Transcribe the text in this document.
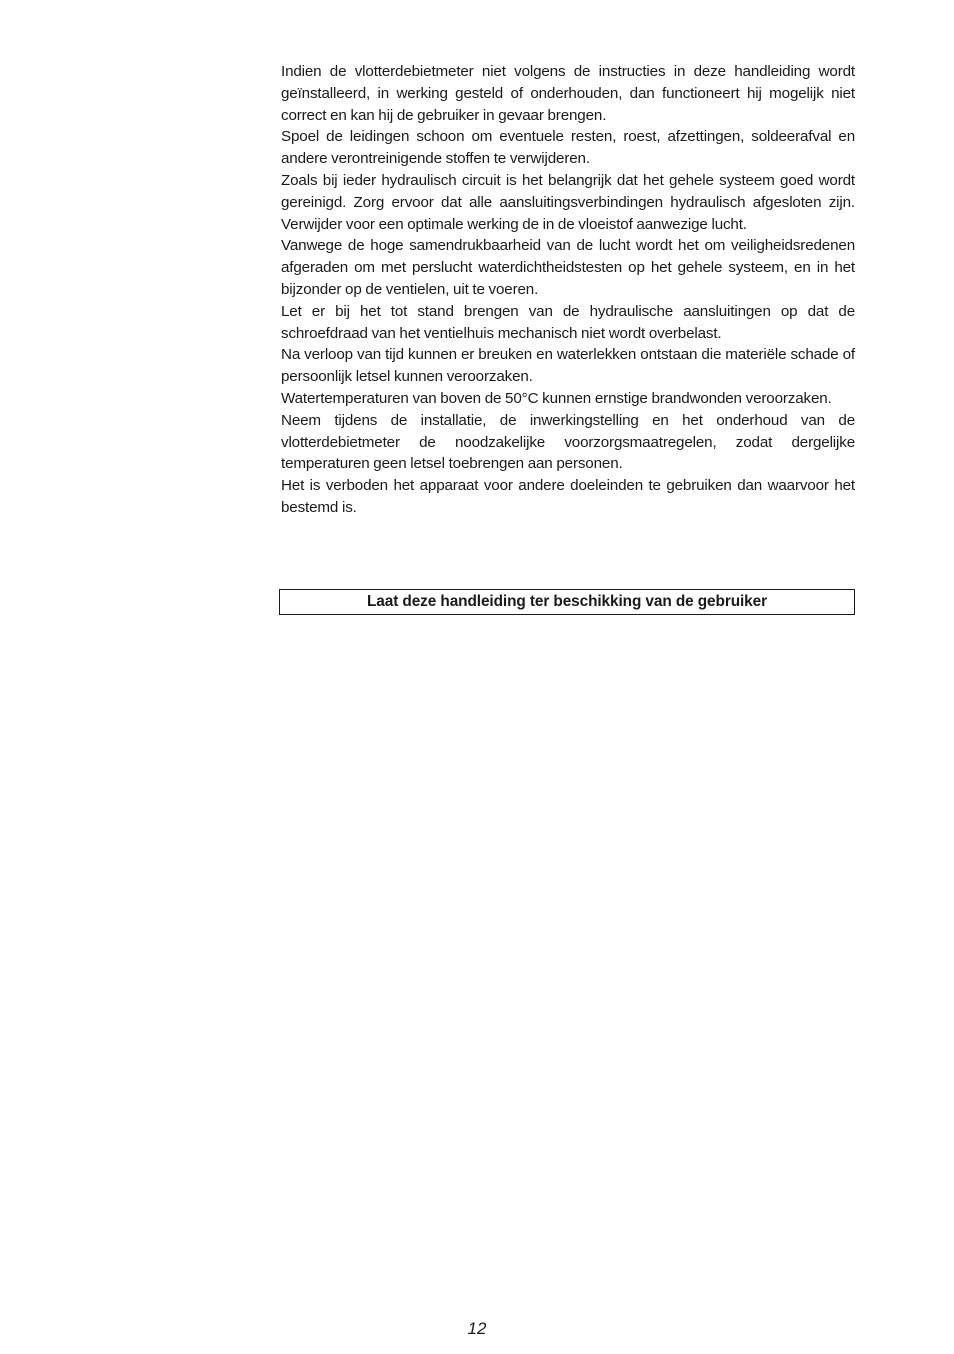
Indien de vlotterdebietmeter niet volgens de instructies in deze handleiding wordt geïnstalleerd, in werking gesteld of onderhouden, dan functioneert hij mogelijk niet correct en kan hij de gebruiker in gevaar brengen.

Spoel de leidingen schoon om eventuele resten, roest, afzettingen, soldeerafval en andere verontreinigende stoffen te verwijderen.

Zoals bij ieder hydraulisch circuit is het belangrijk dat het gehele systeem goed wordt gereinigd. Zorg ervoor dat alle aansluitingsverbindingen hydraulisch afgesloten zijn. Verwijder voor een optimale werking de in de vloeistof aanwezige lucht.

Vanwege de hoge samendrukbaarheid van de lucht wordt het om veiligheidsredenen afgeraden om met perslucht waterdichtheidstesten op het gehele systeem, en in het bijzonder op de ventielen, uit te voeren.

Let er bij het tot stand brengen van de hydraulische aansluitingen op dat de schroefdraad van het ventielhuis mechanisch niet wordt overbelast.

Na verloop van tijd kunnen er breuken en waterlekken ontstaan die materiële schade of persoonlijk letsel kunnen veroorzaken.

Watertemperaturen van boven de 50°C kunnen ernstige brandwonden veroorzaken.

Neem tijdens de installatie, de inwerkingstelling en het onderhoud van de vlotterdebietmeter de noodzakelijke voorzorgsmaatregelen, zodat dergelijke temperaturen geen letsel toebrengen aan personen.

Het is verboden het apparaat voor andere doeleinden te gebruiken dan waarvoor het bestemd is.

Laat deze handleiding ter beschikking van de gebruiker
12
